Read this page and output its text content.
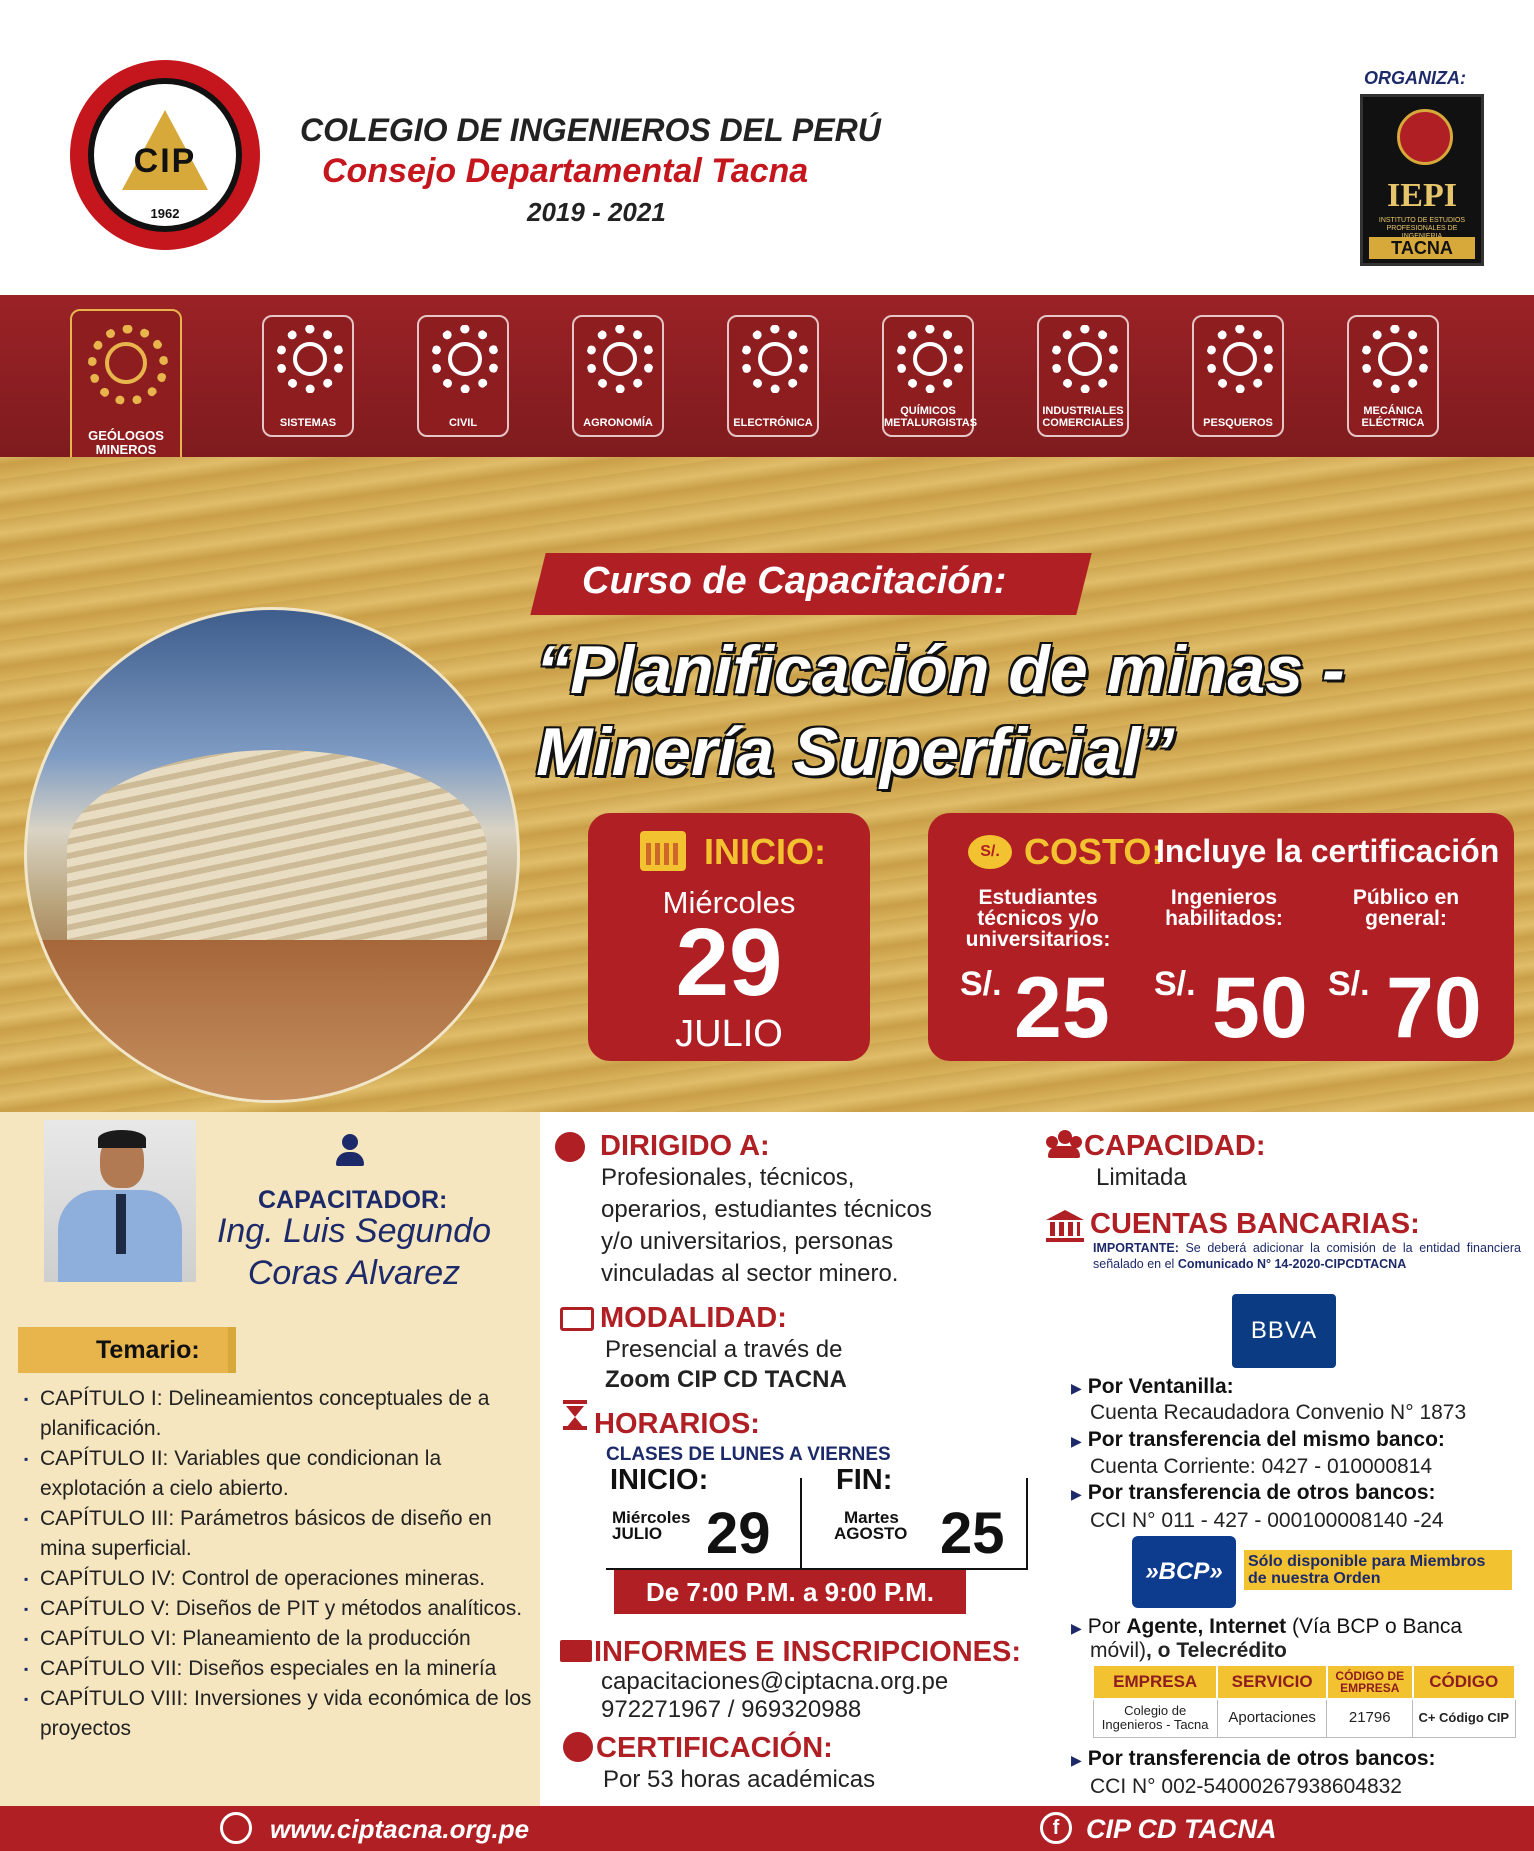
CIP
1962
COLEGIO DE INGENIEROS DEL PERÚ
Consejo Departamental Tacna
2019 - 2021
ORGANIZA:
IEPI
INSTITUTO DE ESTUDIOS PROFESIONALES DE
TACNA
GEÓLOGOS MINEROS
SISTEMAS	CIVIL	AGRONOMÍA	ELECTRÓNICA
QUÍMICOS METALURGISTAS
INDUSTRIALES COMERCIALES	PESQUEROS
MECÁNICA ELÉCTRICA
Curso de Capacitación:
“Planificación de minas -
Minería Superficial”
INICIO:
Miércoles
29
JULIO
S/. COSTO:
Incluye la certificación
Estudiantes
técnicos y/o
universitarios:
S/. 25
Ingenieros
habilitados:
S/. 50
Público en
general:
S/. 70
CAPACITADOR:
Ing. Luis Segundo
Coras Alvarez
Temario:
▪ CAPÍTULO I: Delineamientos conceptuales de a planificación.
▪ CAPÍTULO II: Variables que condicionan la explotación a cielo abierto.
▪ CAPÍTULO III: Parámetros básicos de diseño en mina superficial.
▪ CAPÍTULO IV: Control de operaciones mineras.
▪ CAPÍTULO V: Diseños de PIT y métodos analíticos.
▪ CAPÍTULO VI: Planeamiento de la producción
▪ CAPÍTULO VII: Diseños especiales en la minería
▪ CAPÍTULO VIII: Inversiones y vida económica de los proyectos
DIRIGIDO A:
Profesionales, técnicos,
operarios, estudiantes técnicos
y/o universitarios, personas
vinculadas al sector minero.
MODALIDAD:
Presencial a través de
Zoom CIP CD TACNA
HORARIOS:
CLASES DE LUNES A VIERNES
INICIO:
Miércoles
JULIO 29
FIN:
Martes
AGOSTO 25
De 7:00 P.M. a 9:00 P.M.
INFORMES E INSCRIPCIONES:
capacitaciones@ciptacna.org.pe
972271967 / 969320988
CERTIFICACIÓN:
Por 53 horas académicas
CAPACIDAD:
Limitada
CUENTAS BANCARIAS:
IMPORTANTE: Se deberá adicionar la comisión de la entidad financiera señalado en el Comunicado N° 14-2020-CIPCDTACNA
BBVA
▶ Por Ventanilla:
Cuenta Recaudadora Convenio N° 1873
▶ Por transferencia del mismo banco:
Cuenta Corriente: 0427 - 010000814
▶ Por transferencia de otros bancos:
CCI N° 011 - 427 - 000100008140 -24
»BCP»	Sólo disponible para Miembros de nuestra Orden
▶ Por Agente, Internet (Vía BCP o Banca
móvil), o Telecrédito
EMPRESA	SERVICIO	CÓDIGO DE EMPRESA	CÓDIGO
Colegio de Ingenieros - Tacna	Aportaciones	21796	C+ Código CIP
▶ Por transferencia de otros bancos:
CCI N° 002-54000267938604832
www.ciptacna.org.pe	f CIP CD TACNA
